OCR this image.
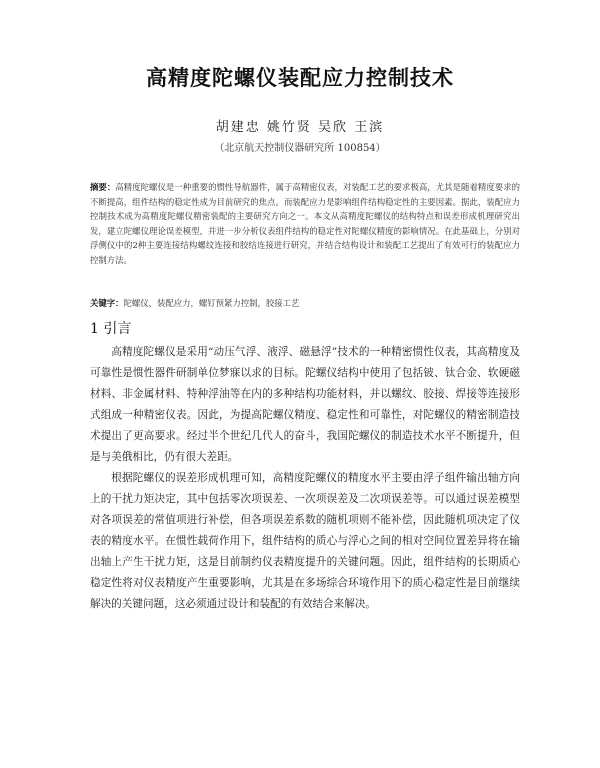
高精度陀螺仪装配应力控制技术
胡建忠 姚竹贤 吴欣 王滨
（北京航天控制仪器研究所 100854）
摘要：高精度陀螺仪是一种重要的惯性导航器件，属于高精密仪表，对装配工艺的要求极高，尤其是随着精度要求的不断提高，组件结构的稳定性成为目前研究的焦点。而装配应力是影响组件结构稳定性的主要因素。据此，装配应力控制技术成为高精度陀螺仪精密装配的主要研究方向之一。本文从高精度陀螺仪的结构特点和误差形成机理研究出发，建立陀螺仪理论误差模型，并进一步分析仪表组件结构的稳定性对陀螺仪精度的影响情况。在此基础上，分别对浮侧仪中的2种主要连接结构螺纹连接和胶结连接进行研究，并结合结构设计和装配工艺提出了有效可行的装配应力控制方法。
关键字：陀螺仪，装配应力，螺钉预紧力控制，胶接工艺
1 引言

高精度陀螺仪是采用“动压气浮、液浮、磁悬浮”技术的一种精密惯性仪表，其高精度及可靠性是惯性器件研制单位梦寐以求的目标。陀螺仪结构中使用了包括铍、钛合金、软硬磁材料、非金属材料、特种浮油等在内的多种结构功能材料，并以螺纹、胶接、焊接等连接形式组成一种精密仪表。因此，为提高陀螺仪精度、稳定性和可靠性，对陀螺仪的精密制造技术提出了更高要求。经过半个世纪几代人的奋斗，我国陀螺仪的制造技术水平不断提升，但是与美俄相比，仍有很大差距。

根据陀螺仪的误差形成机理可知，高精度陀螺仪的精度水平主要由浮子组件输出轴方向上的干扰力矩决定，其中包括零次项误差、一次项误差及二次项误差等。可以通过误差模型对各项误差的常值项进行补偿，但各项误差系数的随机项则不能补偿，因此随机项决定了仪表的精度水平。在惯性载荷作用下，组件结构的质心与浮心之间的相对空间位置差异将在输出轴上产生干扰力矩，这是目前制约仪表精度提升的关键问题。因此，组件结构的长期质心稳定性将对仪表精度产生重要影响，尤其是在多场综合环境作用下的质心稳定性是目前继续解决的关键问题，这必须通过设计和装配的有效结合来解决。
